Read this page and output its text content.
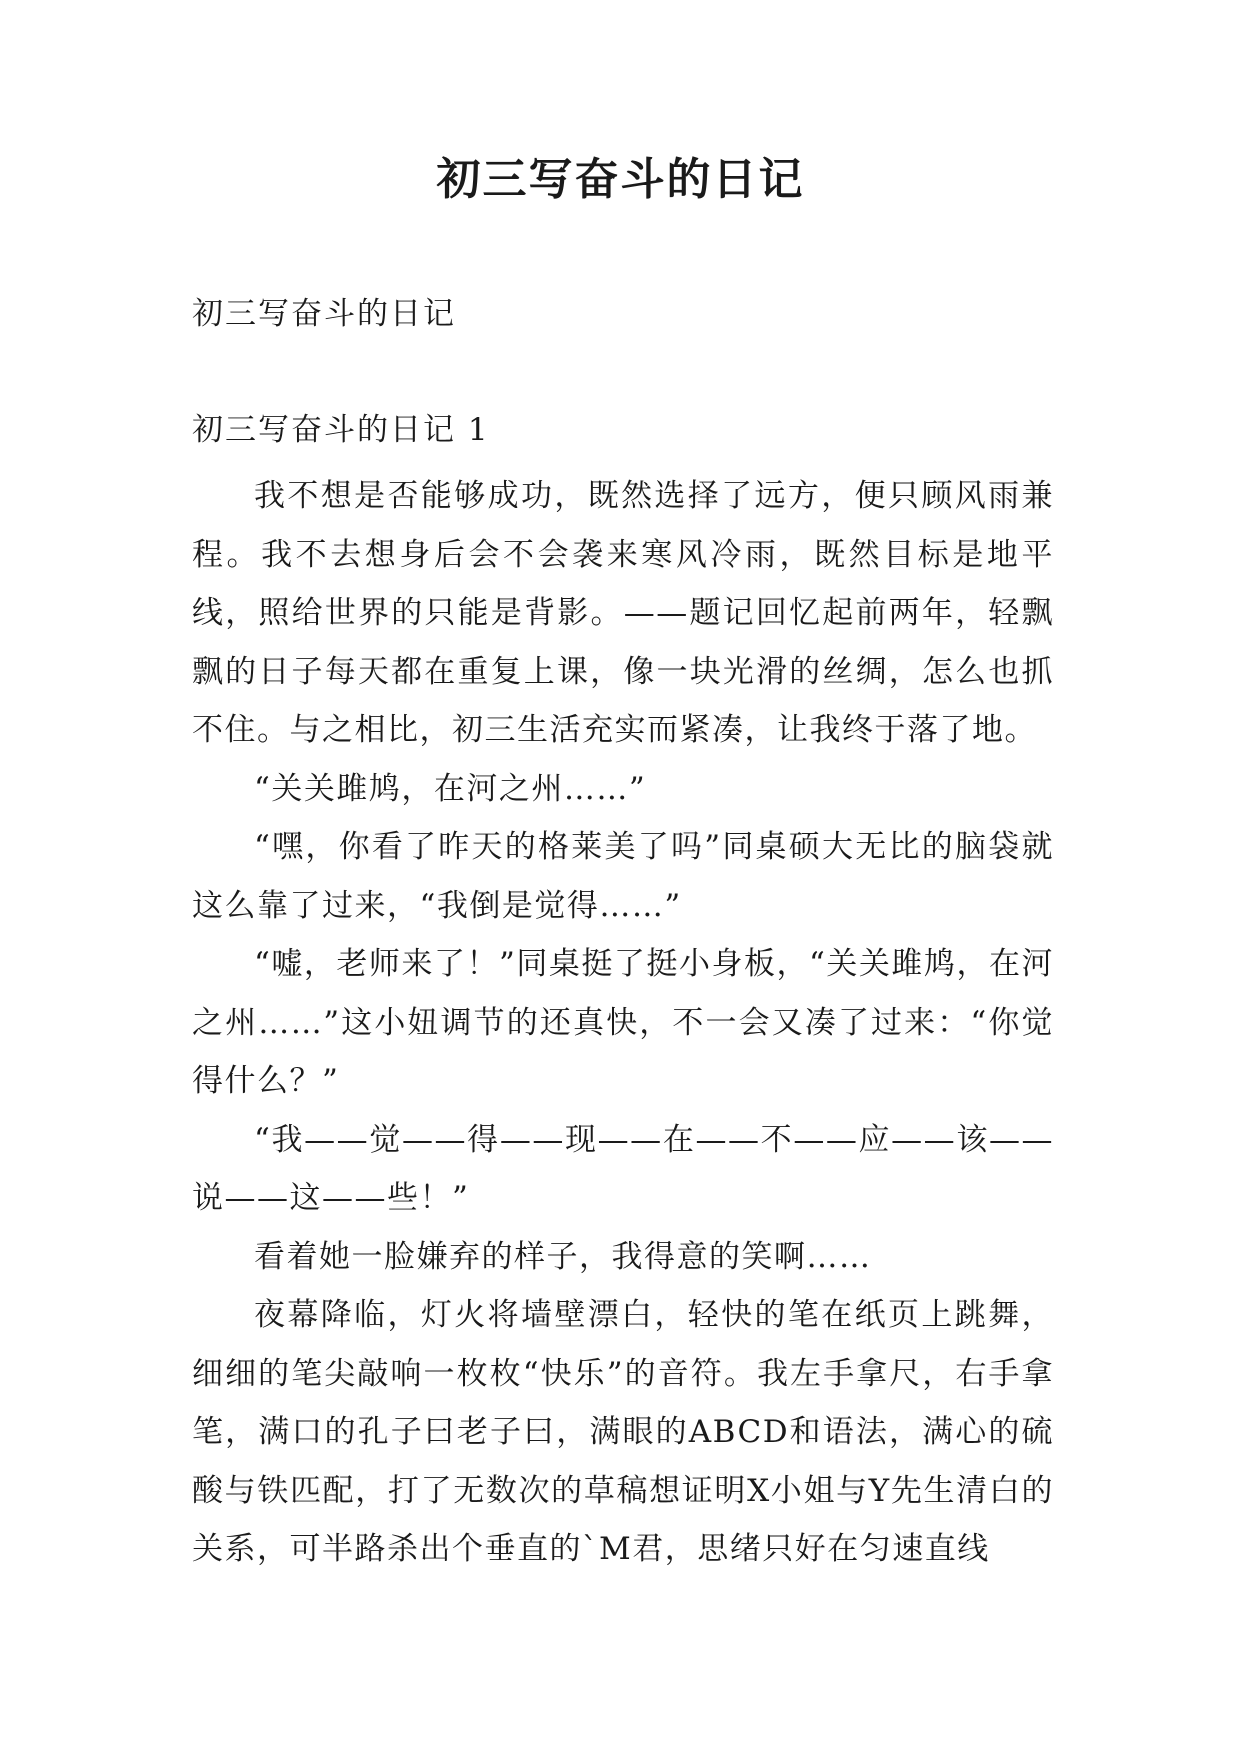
初三写奋斗的日记
初三写奋斗的日记
初三写奋斗的日记 1

我不想是否能够成功，既然选择了远方，便只顾风雨兼程。我不去想身后会不会袭来寒风冷雨，既然目标是地平线，照给世界的只能是背影。——题记回忆起前两年，轻飘飘的日子每天都在重复上课，像一块光滑的丝绸，怎么也抓不住。与之相比，初三生活充实而紧凑，让我终于落了地。

“关关雎鸠，在河之州……”

“嘿，你看了昨天的格莱美了吗”同桌硕大无比的脑袋就这么靠了过来，“我倒是觉得……”

“嘘，老师来了！”同桌挺了挺小身板，“关关雎鸠，在河之州……”这小妞调节的还真快，不一会又凑了过来：“你觉得什么？”

“我——觉——得——现——在——不——应——该——说——这——些！”

看着她一脸嫌弃的样子，我得意的笑啊……

夜幕降临，灯火将墙壁漂白，轻快的笔在纸页上跳舞，细细的笔尖敲响一枚枚“快乐”的音符。我左手拿尺，右手拿笔，满口的孔子曰老子曰，满眼的ABCD和语法，满心的硫酸与铁匹配，打了无数次的草稿想证明X小姐与Y先生清白的关系，可半路杀出个垂直的`M君，思绪只好在匀速直线
